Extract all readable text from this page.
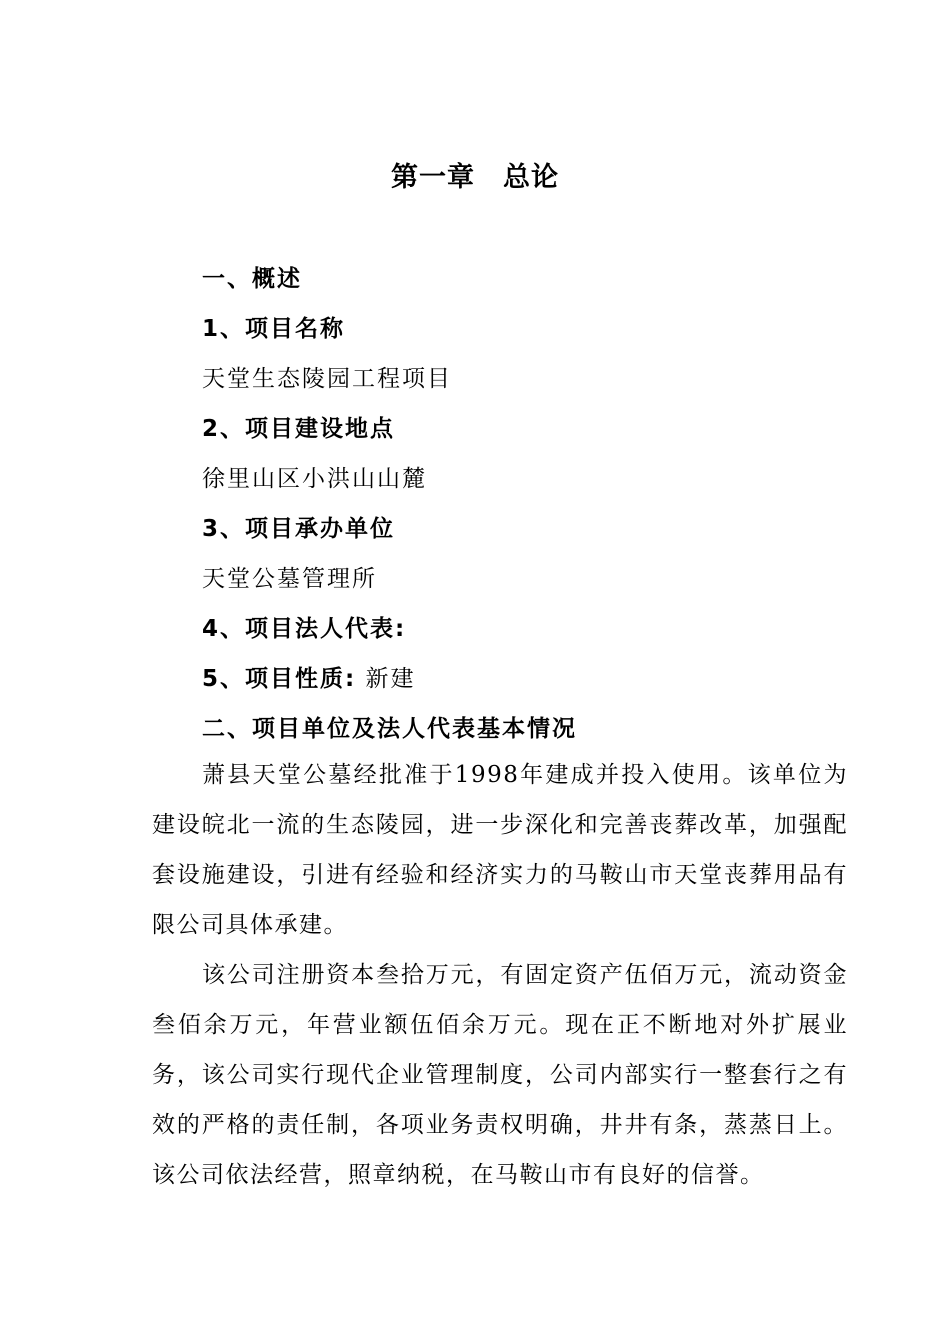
第一章 总论
一、概述
1、项目名称
天堂生态陵园工程项目
2、项目建设地点
徐里山区小洪山山麓
3、项目承办单位
天堂公墓管理所
4、项目法人代表:
5、项目性质: 新建
二、项目单位及法人代表基本情况
萧县天堂公墓经批准于1998年建成并投入使用。该单位为建设皖北一流的生态陵园，进一步深化和完善丧葬改革，加强配套设施建设，引进有经验和经济实力的马鞍山市天堂丧葬用品有限公司具体承建。
该公司注册资本叁拾万元，有固定资产伍佰万元，流动资金叁佰余万元，年营业额伍佰余万元。现在正不断地对外扩展业务，该公司实行现代企业管理制度，公司内部实行一整套行之有效的严格的责任制，各项业务责权明确，井井有条，蒸蒸日上。该公司依法经营，照章纳税，在马鞍山市有良好的信誉。
